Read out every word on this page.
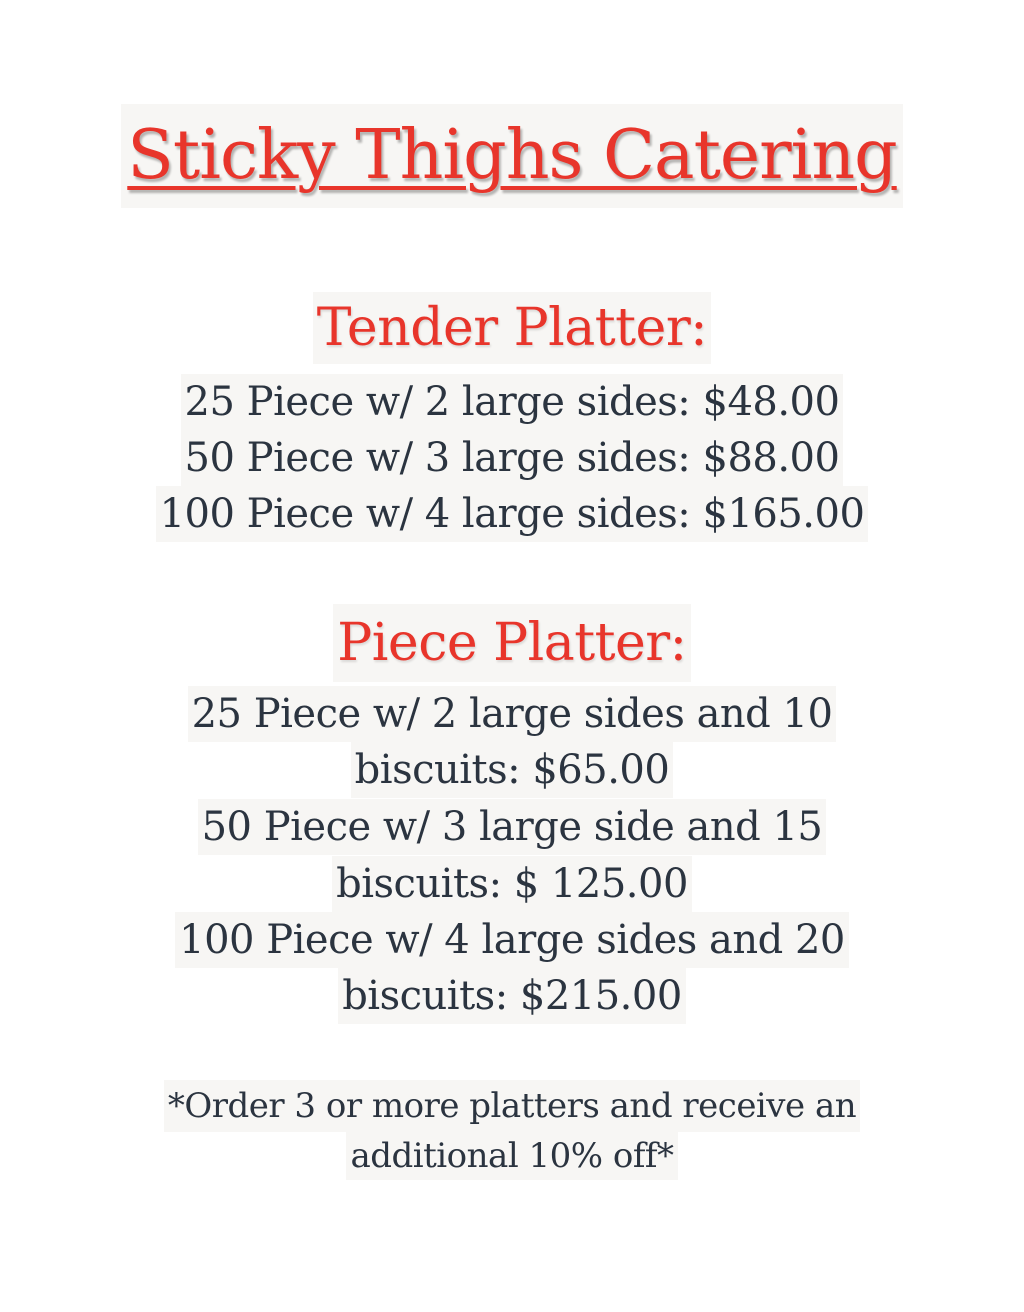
Sticky Thighs Catering
Tender Platter:
25 Piece w/ 2 large sides: $48.00
50 Piece w/ 3 large sides: $88.00
100 Piece w/ 4 large sides: $165.00
Piece Platter:
25 Piece w/ 2 large sides and 10
biscuits: $65.00
50 Piece w/ 3 large side and 15
biscuits: $ 125.00
100 Piece w/ 4 large sides and 20
biscuits: $215.00
*Order 3 or more platters and receive an
additional 10% off*
